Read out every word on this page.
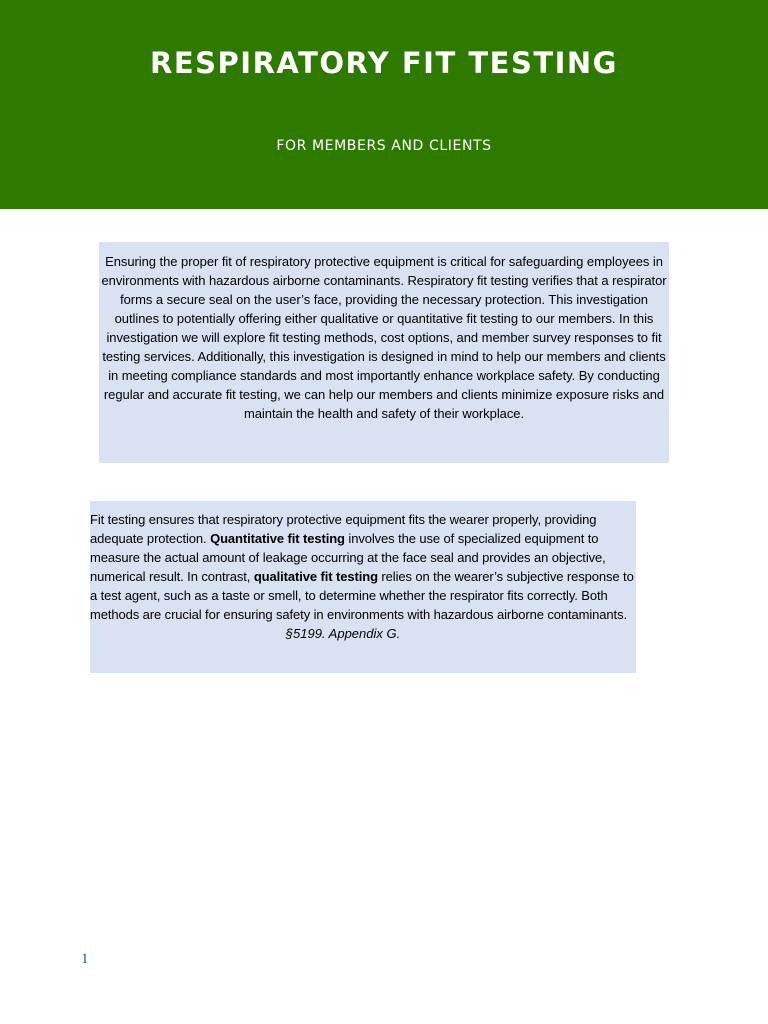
RESPIRATORY FIT TESTING

FOR MEMBERS AND CLIENTS

Ensuring the proper fit of respiratory protective equipment is critical for safeguarding employees in environments with hazardous airborne contaminants. Respiratory fit testing verifies that a respirator forms a secure seal on the user’s face, providing the necessary protection. This investigation outlines to potentially offering either qualitative or quantitative fit testing to our members. In this investigation we will explore fit testing methods, cost options, and member survey responses to fit testing services. Additionally, this investigation is designed in mind to help our members and clients in meeting compliance standards and most importantly enhance workplace safety. By conducting regular and accurate fit testing, we can help our members and clients minimize exposure risks and maintain the health and safety of their workplace.

Fit testing ensures that respiratory protective equipment fits the wearer properly, providing adequate protection. Quantitative fit testing involves the use of specialized equipment to measure the actual amount of leakage occurring at the face seal and provides an objective, numerical result. In contrast, qualitative fit testing relies on the wearer’s subjective response to a test agent, such as a taste or smell, to determine whether the respirator fits correctly. Both methods are crucial for ensuring safety in environments with hazardous airborne contaminants.

§5199. Appendix G.

1
